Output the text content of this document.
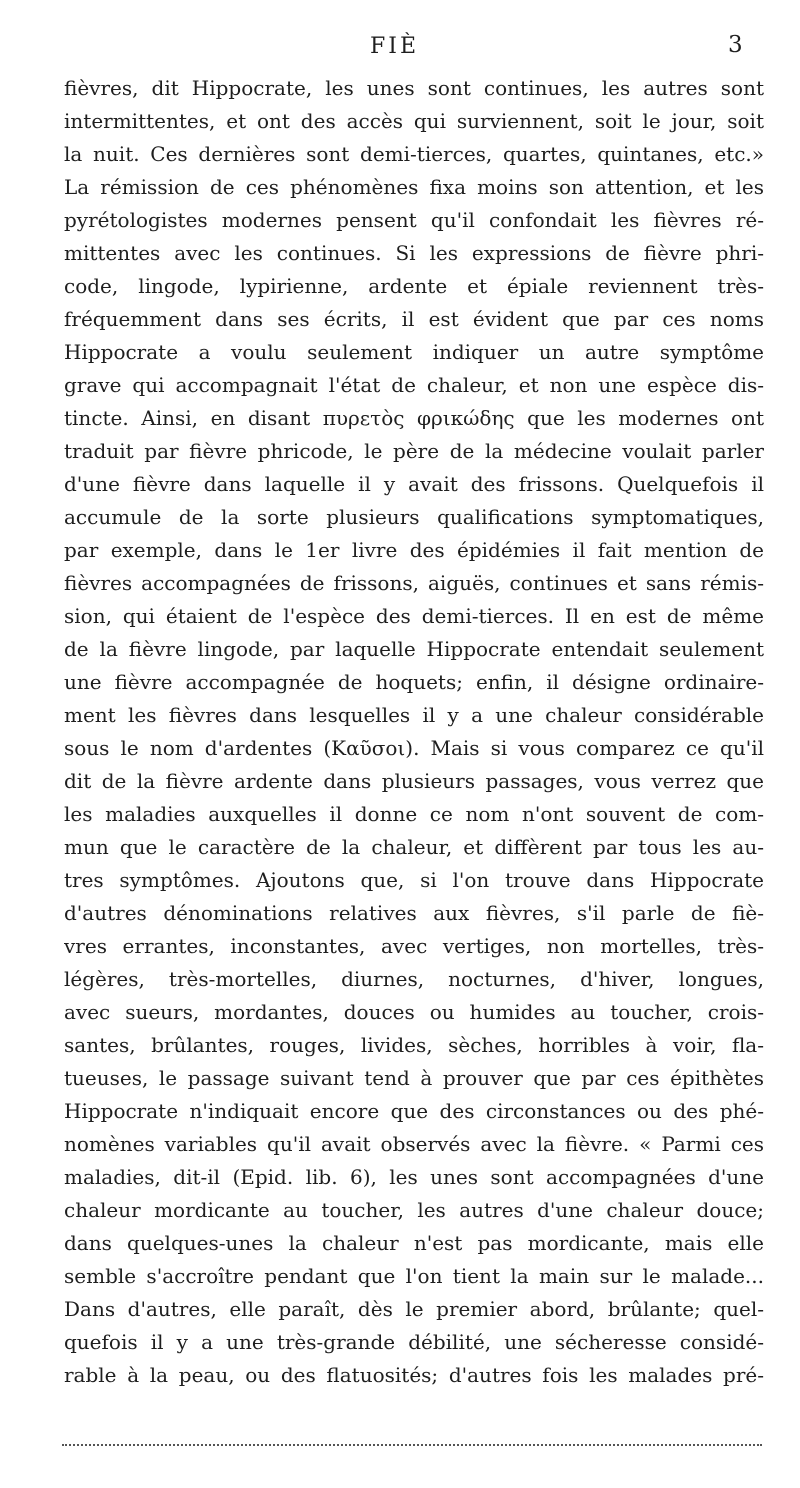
FIÈ	3
fièvres, dit Hippocrate, les unes sont continues, les autres sont
intermittentes, et ont des accès qui surviennent, soit le jour, soit
la nuit. Ces dernières sont demi-tierces, quartes, quintanes, etc.»
La rémission de ces phénomènes fixa moins son attention, et les
pyrétologistes modernes pensent qu'il confondait les fièvres ré-
mittentes avec les continues. Si les expressions de fièvre phri-
code, lingode, lypirienne, ardente et épiale reviennent très-
fréquemment dans ses écrits, il est évident que par ces noms
Hippocrate a voulu seulement indiquer un autre symptôme
grave qui accompagnait l'état de chaleur, et non une espèce dis-
tincte. Ainsi, en disant πυρετὸς φρικώδης que les modernes ont
traduit par fièvre phricode, le père de la médecine voulait parler
d'une fièvre dans laquelle il y avait des frissons. Quelquefois il
accumule de la sorte plusieurs qualifications symptomatiques,
par exemple, dans le 1er livre des épidémies il fait mention de
fièvres accompagnées de frissons, aiguës, continues et sans rémis-
sion, qui étaient de l'espèce des demi-tierces. Il en est de même
de la fièvre lingode, par laquelle Hippocrate entendait seulement
une fièvre accompagnée de hoquets; enfin, il désigne ordinaire-
ment les fièvres dans lesquelles il y a une chaleur considérable
sous le nom d'ardentes (Καῦσοι). Mais si vous comparez ce qu'il
dit de la fièvre ardente dans plusieurs passages, vous verrez que
les maladies auxquelles il donne ce nom n'ont souvent de com-
mun que le caractère de la chaleur, et diffèrent par tous les au-
tres symptômes. Ajoutons que, si l'on trouve dans Hippocrate
d'autres dénominations relatives aux fièvres, s'il parle de fiè-
vres errantes, inconstantes, avec vertiges, non mortelles, très-
légères, très-mortelles, diurnes, nocturnes, d'hiver, longues,
avec sueurs, mordantes, douces ou humides au toucher, crois-
santes, brûlantes, rouges, livides, sèches, horribles à voir, fla-
tueuses, le passage suivant tend à prouver que par ces épithètes
Hippocrate n'indiquait encore que des circonstances ou des phé-
nomènes variables qu'il avait observés avec la fièvre. « Parmi ces
maladies, dit-il (Epid. lib. 6), les unes sont accompagnées d'une
chaleur mordicante au toucher, les autres d'une chaleur douce;
dans quelques-unes la chaleur n'est pas mordicante, mais elle
semble s'accroître pendant que l'on tient la main sur le malade...
Dans d'autres, elle paraît, dès le premier abord, brûlante; quel-
quefois il y a une très-grande débilité, une sécheresse considé-
rable à la peau, ou des flatuosités; d'autres fois les malades pré-
